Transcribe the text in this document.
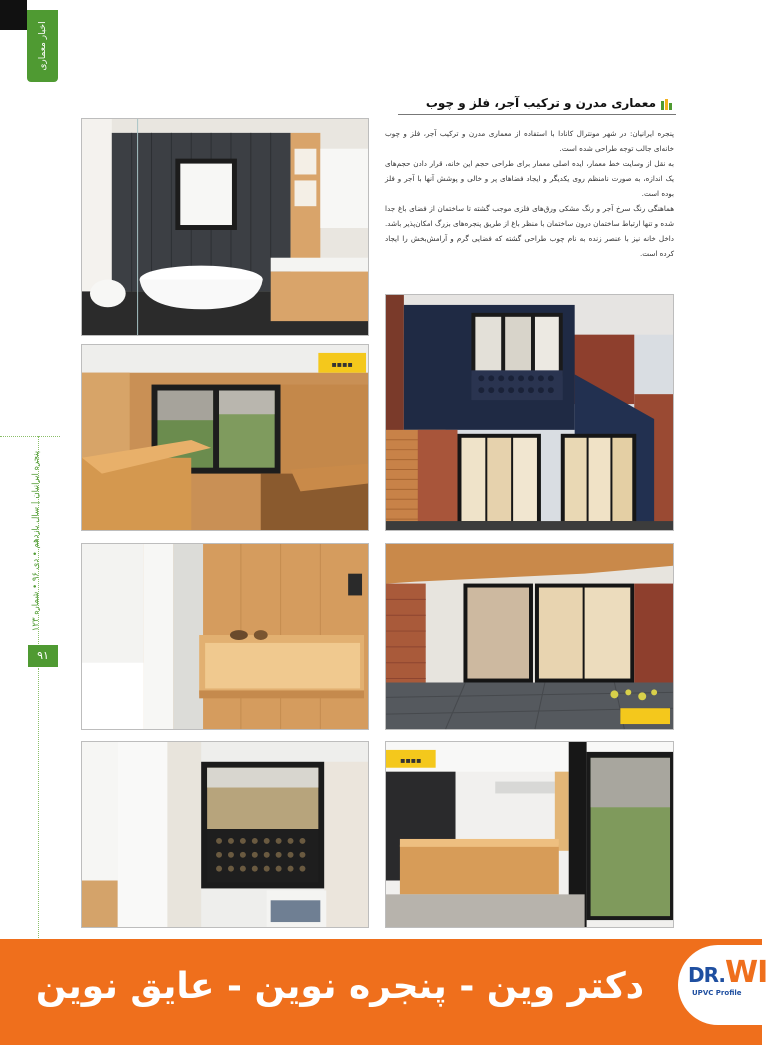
اخبار معماری
پنجره ایرانیان | سال یازدهم • دی ۹۶ • شماره ۱۲۳
۹۱
معماری مدرن و ترکیب آجر، فلز و چوب

پنجره ایرانیان: در شهر مونترال کانادا با استفاده از معماری مدرن و ترکیب آجر، فلز و چوب خانه‌ای جالب توجه طراحی شده است.

به نقل از وسایت خط معمار، ایده اصلی معمار برای طراحی حجم این خانه، قرار دادن حجم‌های یک اندازه، به صورت نامنظم روی یکدیگر و ایجاد فضاهای پر و خالی و پوشش آنها با آجر و فلز بوده است.

هماهنگی رنگ سرخ آجر و رنگ مشکی ورق‌های فلزی موجب گشته تا ساختمان از فضای باغ جدا شده و تنها ارتباط ساختمان درون ساختمان با منظر باغ از طریق پنجره‌های بزرگ امکان‌پذیر باشد. داخل خانه نیز با عنصر زنده به نام چوب طراحی گشته که فضایی گرم و آرامش‌بخش را ایجاد کرده است.

▪▪▪▪
▪▪▪▪
دکتر وین - پنجره نوین - عایق نوین	DR.WI
UPVC Profile
